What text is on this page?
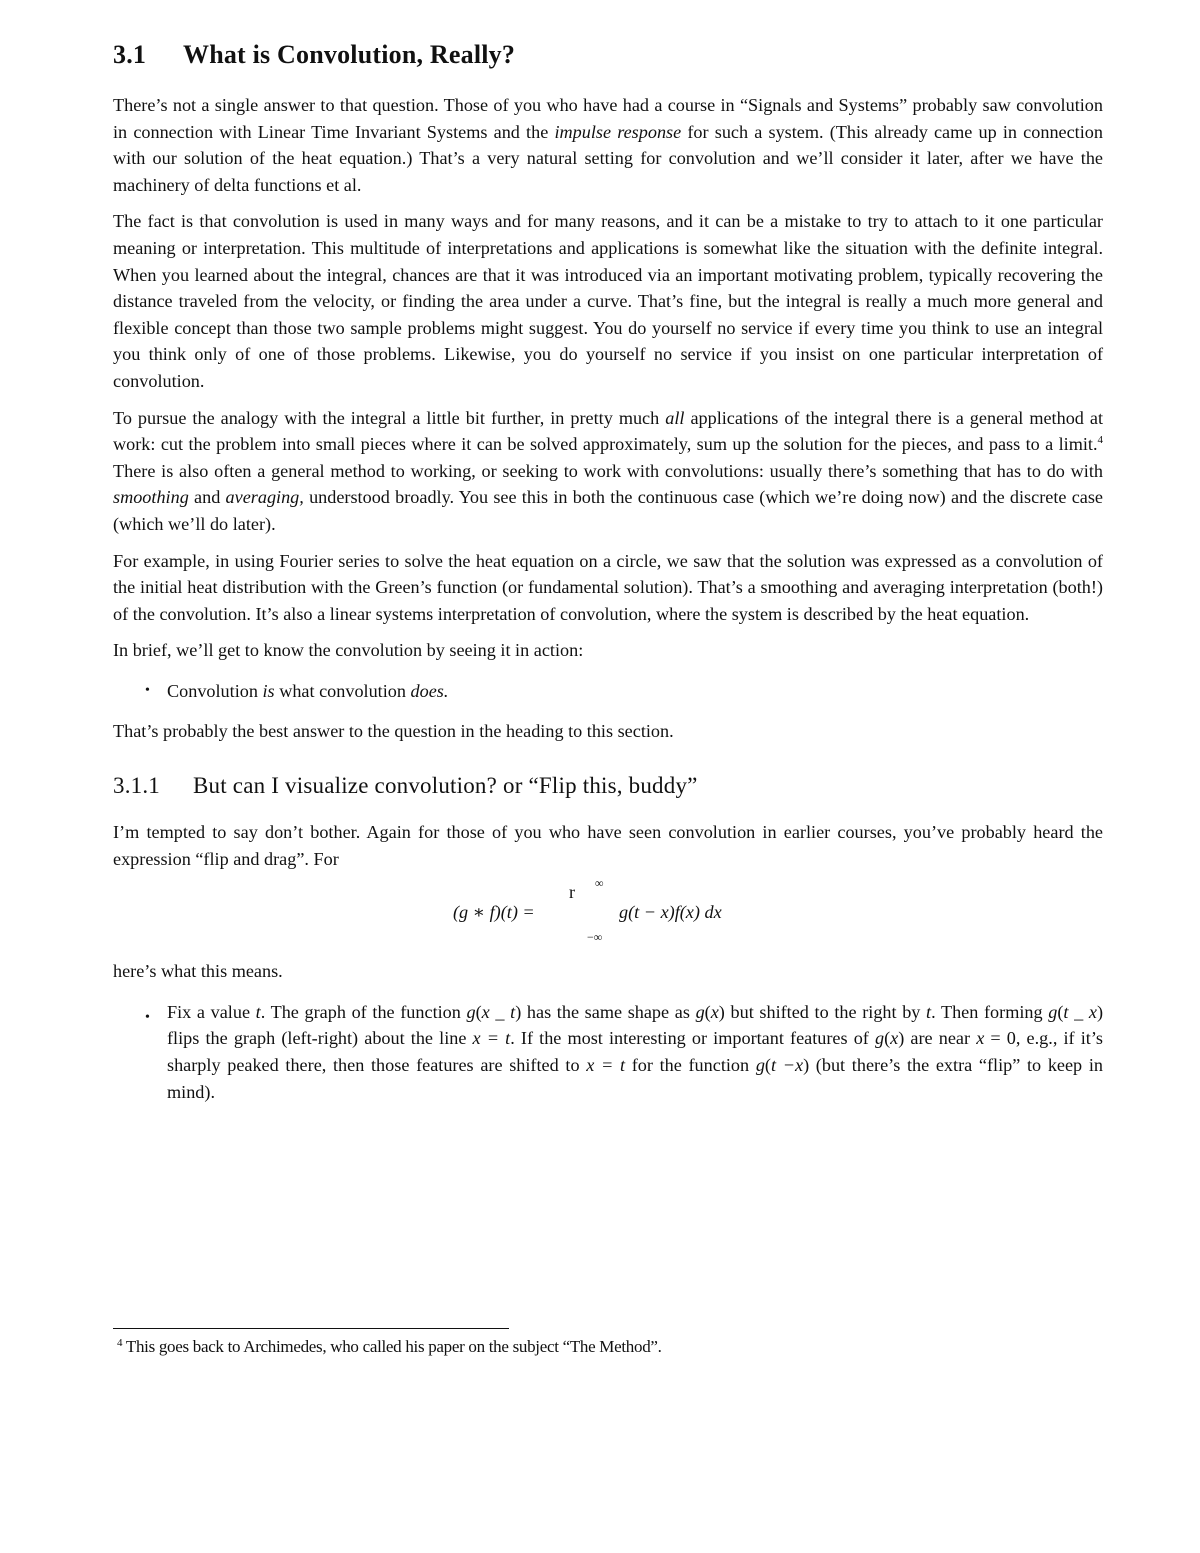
3.1 What is Convolution, Really?

There’s not a single answer to that question. Those of you who have had a course in “Signals and Systems” probably saw convolution in connection with Linear Time Invariant Systems and the impulse response for such a system. (This already came up in connection with our solution of the heat equation.) That’s a very natural setting for convolution and we’ll consider it later, after we have the machinery of delta functions et al.

The fact is that convolution is used in many ways and for many reasons, and it can be a mistake to try to attach to it one particular meaning or interpretation. This multitude of interpretations and applications is somewhat like the situation with the definite integral. When you learned about the integral, chances are that it was introduced via an important motivating problem, typically recovering the distance traveled from the velocity, or finding the area under a curve. That’s fine, but the integral is really a much more general and flexible concept than those two sample problems might suggest. You do yourself no service if every time you think to use an integral you think only of one of those problems. Likewise, you do yourself no service if you insist on one particular interpretation of convolution.

To pursue the analogy with the integral a little bit further, in pretty much all applications of the integral there is a general method at work: cut the problem into small pieces where it can be solved approximately, sum up the solution for the pieces, and pass to a limit.$^4$ There is also often a general method to working, or seeking to work with convolutions: usually there’s something that has to do with smoothing and averaging, understood broadly. You see this in both the continuous case (which we’re doing now) and the discrete case (which we’ll do later).

For example, in using Fourier series to solve the heat equation on a circle, we saw that the solution was expressed as a convolution of the initial heat distribution with the Green’s function (or fundamental solution). That’s a smoothing and averaging interpretation (both!) of the convolution. It’s also a linear systems interpretation of convolution, where the system is described by the heat equation.

In brief, we’ll get to know the convolution by seeing it in action:

• Convolution is what convolution does.

That’s probably the best answer to the question in the heading to this section.

3.1.1 But can I visualize convolution? or “Flip this, buddy”

I’m tempted to say don’t bother. Again for those of you who have seen convolution in earlier courses, you’ve probably heard the expression “flip and drag”. For

(g ∗ f)(t) =
r ∞
−∞
g(t − x)f(x) dx

here’s what this means.

• Fix a value t. The graph of the function g(x _ t) has the same shape as g(x) but shifted to the right by t. Then forming g(t _ x) flips the graph (left-right) about the line x = t. If the most interesting or important features of g(x) are near x = 0, e.g., if it’s sharply peaked there, then those features are shifted to x = t for the function g(t −x) (but there’s the extra “flip” to keep in mind).

$^4$ This goes back to Archimedes, who called his paper on the subject “The Method”.
